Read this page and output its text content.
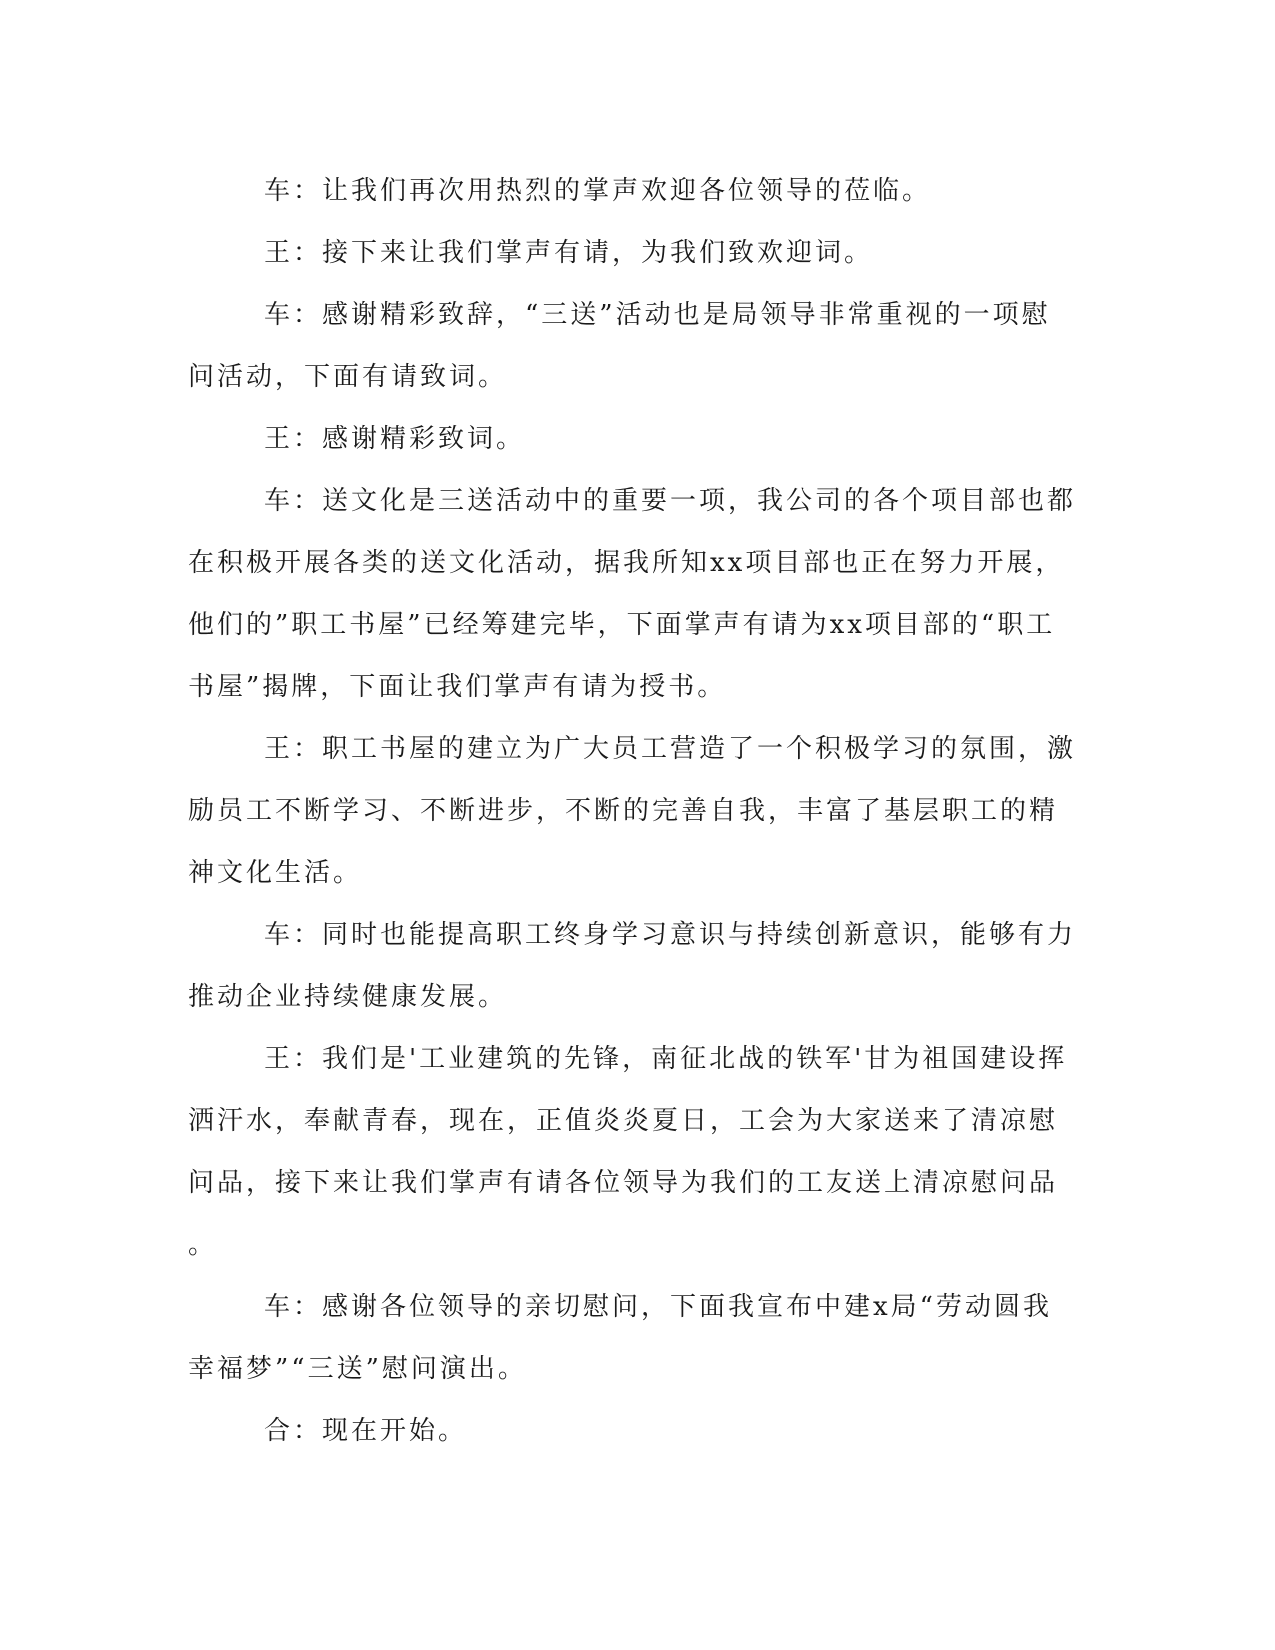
车：让我们再次用热烈的掌声欢迎各位领导的莅临。

王：接下来让我们掌声有请，为我们致欢迎词。

车：感谢精彩致辞，“三送”活动也是局领导非常重视的一项慰问活动，下面有请致词。

王：感谢精彩致词。

车：送文化是三送活动中的重要一项，我公司的各个项目部也都在积极开展各类的送文化活动，据我所知xx项目部也正在努力开展，他们的”职工书屋”已经筹建完毕，下面掌声有请为xx项目部的“职工书屋”揭牌，下面让我们掌声有请为授书。

王：职工书屋的建立为广大员工营造了一个积极学习的氛围，激励员工不断学习、不断进步，不断的完善自我，丰富了基层职工的精神文化生活。

车：同时也能提高职工终身学习意识与持续创新意识，能够有力推动企业持续健康发展。

王：我们是'工业建筑的先锋，南征北战的铁军'甘为祖国建设挥洒汗水，奉献青春，现在，正值炎炎夏日，工会为大家送来了清凉慰问品，接下来让我们掌声有请各位领导为我们的工友送上清凉慰问品。

车：感谢各位领导的亲切慰问，下面我宣布中建x局“劳动圆我幸福梦”“三送”慰问演出。

合：现在开始。
